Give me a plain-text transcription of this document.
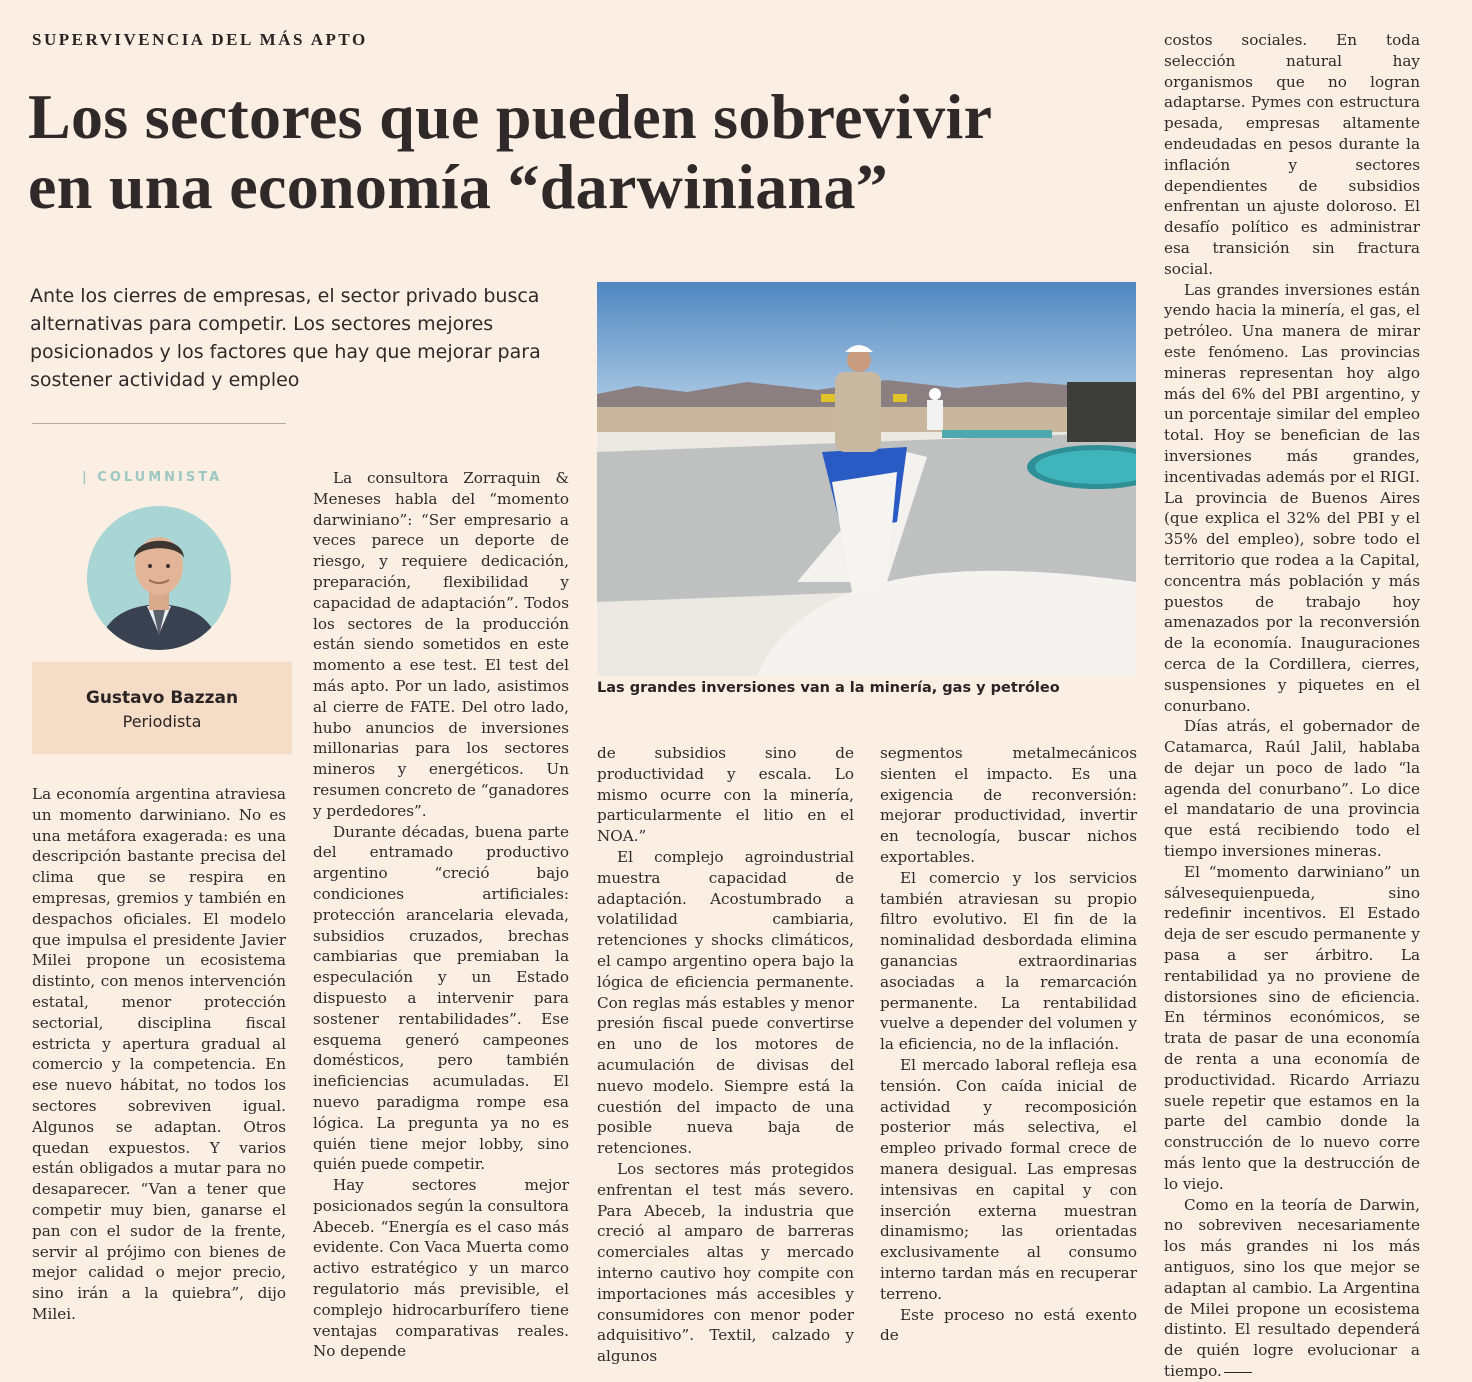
SUPERVIVENCIA DEL MÁS APTO
Los sectores que pueden sobrevivir
en una economía “darwiniana”
Ante los cierres de empresas, el sector privado busca alternativas para competir. Los sectores mejores posicionados y los factores que hay que mejorar para sostener actividad y empleo
| COLUMNISTA
Gustavo Bazzan
Periodista
Las grandes inversiones van a la minería, gas y petróleo

La economía argentina atraviesa un momento darwiniano. No es una metáfora exagerada: es una descripción bastante precisa del clima que se respira en empresas, gremios y también en despachos oficiales. El modelo que impulsa el presidente Javier Milei propone un ecosistema distinto, con menos intervención estatal, menor protección sectorial, disciplina fiscal estricta y apertura gradual al comercio y la competencia. En ese nuevo hábitat, no todos los sectores sobreviven igual. Algunos se adaptan. Otros quedan expuestos. Y varios están obligados a mutar para no desaparecer. “Van a tener que competir muy bien, ganarse el pan con el sudor de la frente, servir al prójimo con bienes de mejor calidad o mejor precio, sino irán a la quiebra”, dijo Milei.

La consultora Zorraquin & Meneses habla del “momento darwiniano”: “Ser empresario a veces parece un deporte de riesgo, y requiere dedicación, preparación, flexibilidad y capacidad de adaptación”. Todos los sectores de la producción están siendo sometidos en este momento a ese test. El test del más apto. Por un lado, asistimos al cierre de FATE. Del otro lado, hubo anuncios de inversiones millonarias para los sectores mineros y energéticos. Un resumen concreto de “ganadores y perdedores”.

Durante décadas, buena parte del entramado productivo argentino “creció bajo condiciones artificiales: protección arancelaria elevada, subsidios cruzados, brechas cambiarias que premiaban la especulación y un Estado dispuesto a intervenir para sostener rentabilidades”. Ese esquema generó campeones domésticos, pero también ineficiencias acumuladas. El nuevo paradigma rompe esa lógica. La pregunta ya no es quién tiene mejor lobby, sino quién puede competir.

Hay sectores mejor posicionados según la consultora Abeceb. “Energía es el caso más evidente. Con Vaca Muerta como activo estratégico y un marco regulatorio más previsible, el complejo hidrocarburífero tiene ventajas comparativas reales. No depende

de subsidios sino de productividad y escala. Lo mismo ocurre con la minería, particularmente el litio en el NOA.”

El complejo agroindustrial muestra capacidad de adaptación. Acostumbrado a volatilidad cambiaria, retenciones y shocks climáticos, el campo argentino opera bajo la lógica de eficiencia permanente. Con reglas más estables y menor presión fiscal puede convertirse en uno de los motores de acumulación de divisas del nuevo modelo. Siempre está la cuestión del impacto de una posible nueva baja de retenciones.

Los sectores más protegidos enfrentan el test más severo. Para Abeceb, la industria que creció al amparo de barreras comerciales altas y mercado interno cautivo hoy compite con importaciones más accesibles y consumidores con menor poder adquisitivo”. Textil, calzado y algunos

segmentos metalmecánicos sienten el impacto. Es una exigencia de reconversión: mejorar productividad, invertir en tecnología, buscar nichos exportables.

El comercio y los servicios también atraviesan su propio filtro evolutivo. El fin de la nominalidad desbordada elimina ganancias extraordinarias asociadas a la remarcación permanente. La rentabilidad vuelve a depender del volumen y la eficiencia, no de la inflación.

El mercado laboral refleja esa tensión. Con caída inicial de actividad y recomposición posterior más selectiva, el empleo privado formal crece de manera desigual. Las empresas intensivas en capital y con inserción externa muestran dinamismo; las orientadas exclusivamente al consumo interno tardan más en recuperar terreno.

Este proceso no está exento de

costos sociales. En toda selección natural hay organismos que no logran adaptarse. Pymes con estructura pesada, empresas altamente endeudadas en pesos durante la inflación y sectores dependientes de subsidios enfrentan un ajuste doloroso. El desafío político es administrar esa transición sin fractura social.

Las grandes inversiones están yendo hacia la minería, el gas, el petróleo. Una manera de mirar este fenómeno. Las provincias mineras representan hoy algo más del 6% del PBI argentino, y un porcentaje similar del empleo total. Hoy se benefician de las inversiones más grandes, incentivadas además por el RIGI. La provincia de Buenos Aires (que explica el 32% del PBI y el 35% del empleo), sobre todo el territorio que rodea a la Capital, concentra más población y más puestos de trabajo hoy amenazados por la reconversión de la economía. Inauguraciones cerca de la Cordillera, cierres, suspensiones y piquetes en el conurbano.

Días atrás, el gobernador de Catamarca, Raúl Jalil, hablaba de dejar un poco de lado “la agenda del conurbano”. Lo dice el mandatario de una provincia que está recibiendo todo el tiempo inversiones mineras.

El “momento darwiniano” un sálvesequienpueda, sino redefinir incentivos. El Estado deja de ser escudo permanente y pasa a ser árbitro. La rentabilidad ya no proviene de distorsiones sino de eficiencia. En términos económicos, se trata de pasar de una economía de renta a una economía de productividad. Ricardo Arriazu suele repetir que estamos en la parte del cambio donde la construcción de lo nuevo corre más lento que la destrucción de lo viejo.

Como en la teoría de Darwin, no sobreviven necesariamente los más grandes ni los más antiguos, sino los que mejor se adaptan al cambio. La Argentina de Milei propone un ecosistema distinto. El resultado dependerá de quién logre evolucionar a tiempo.
